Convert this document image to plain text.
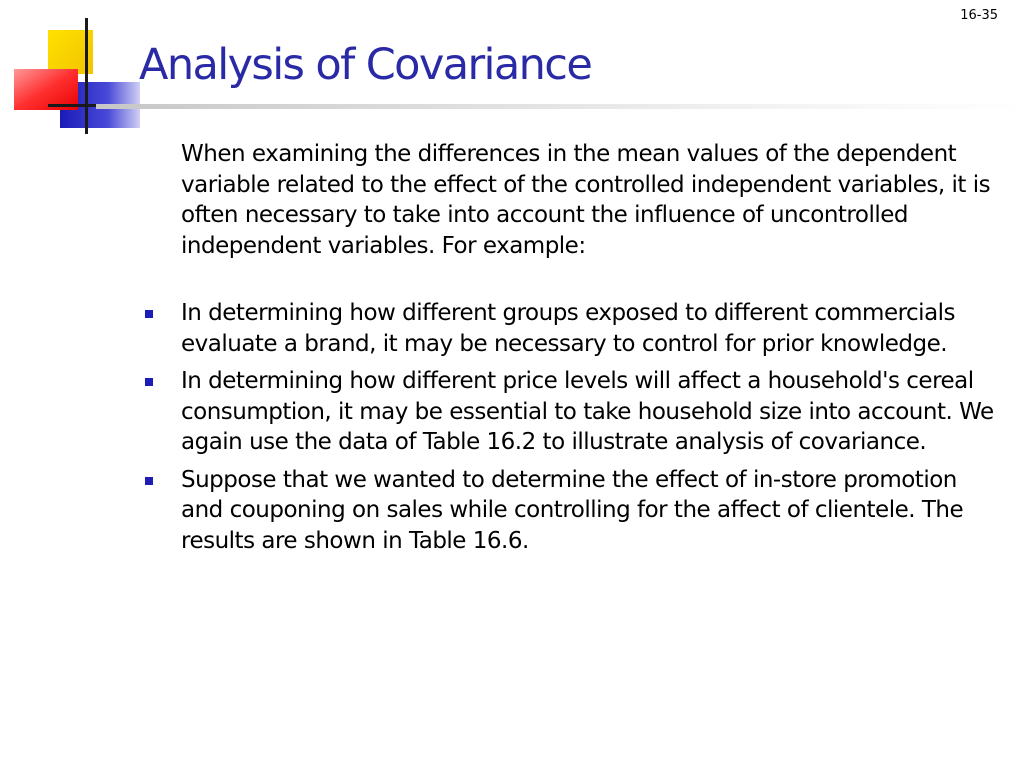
16-35
Analysis of Covariance

When examining the differences in the mean values of the dependent variable related to the effect of the controlled independent variables, it is often necessary to take into account the influence of uncontrolled independent variables. For example:

In determining how different groups exposed to different commercials evaluate a brand, it may be necessary to control for prior knowledge.
In determining how different price levels will affect a household's cereal consumption, it may be essential to take household size into account. We again use the data of Table 16.2 to illustrate analysis of covariance.
Suppose that we wanted to determine the effect of in-store promotion and couponing on sales while controlling for the affect of clientele. The results are shown in Table 16.6.
